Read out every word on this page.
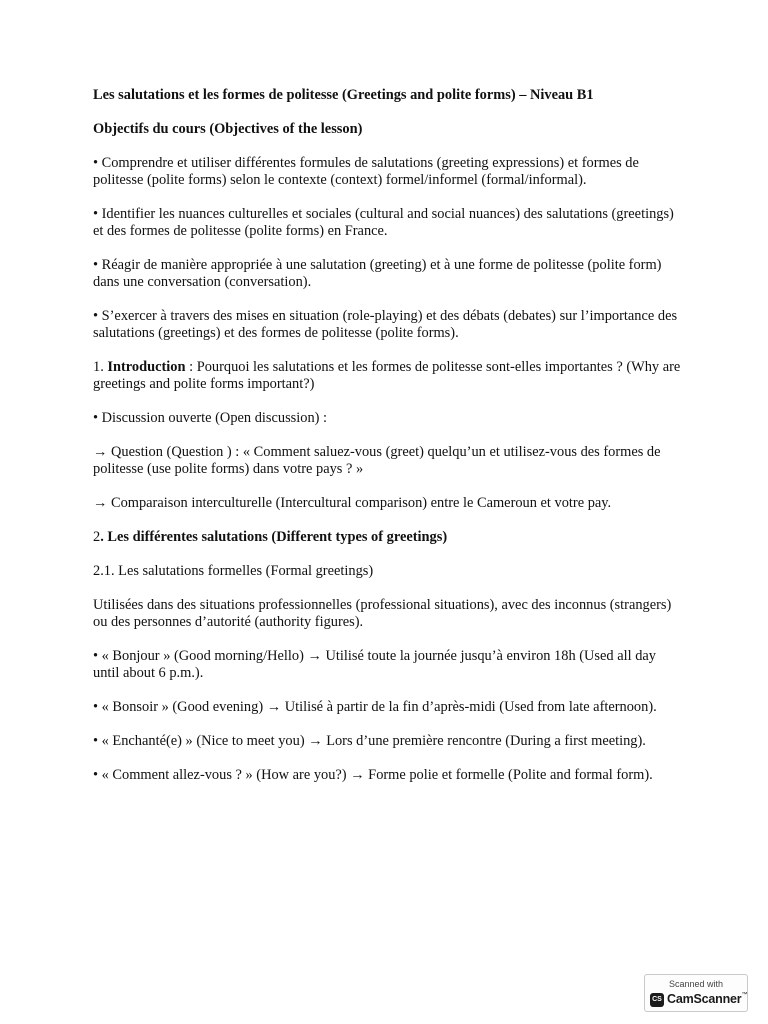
Les salutations et les formes de politesse (Greetings and polite forms) – Niveau B1

Objectifs du cours (Objectives of the lesson)

• Comprendre et utiliser différentes formules de salutations (greeting expressions) et formes de politesse (polite forms) selon le contexte (context) formel/informel (formal/informal).

• Identifier les nuances culturelles et sociales (cultural and social nuances) des salutations (greetings) et des formes de politesse (polite forms) en France.

• Réagir de manière appropriée à une salutation (greeting) et à une forme de politesse (polite form) dans une conversation (conversation).

• S’exercer à travers des mises en situation (role-playing) et des débats (debates) sur l’importance des salutations (greetings) et des formes de politesse (polite forms).

1. Introduction : Pourquoi les salutations et les formes de politesse sont-elles importantes ? (Why are greetings and polite forms important?)

• Discussion ouverte (Open discussion) :

→ Question (Question ) : « Comment saluez-vous (greet) quelqu’un et utilisez-vous des formes de politesse (use polite forms) dans votre pays ? »

→ Comparaison interculturelle (Intercultural comparison) entre le Cameroun et votre pay.

2. Les différentes salutations (Different types of greetings)

2.1. Les salutations formelles (Formal greetings)

Utilisées dans des situations professionnelles (professional situations), avec des inconnus (strangers) ou des personnes d’autorité (authority figures).

• « Bonjour » (Good morning/Hello) → Utilisé toute la journée jusqu’à environ 18h (Used all day until about 6 p.m.).

• « Bonsoir » (Good evening) → Utilisé à partir de la fin d’après-midi (Used from late afternoon).

• « Enchanté(e) » (Nice to meet you) → Lors d’une première rencontre (During a first meeting).

• « Comment allez-vous ? » (How are you?) → Forme polie et formelle (Polite and formal form).

Scanned with
CS CamScanner™
